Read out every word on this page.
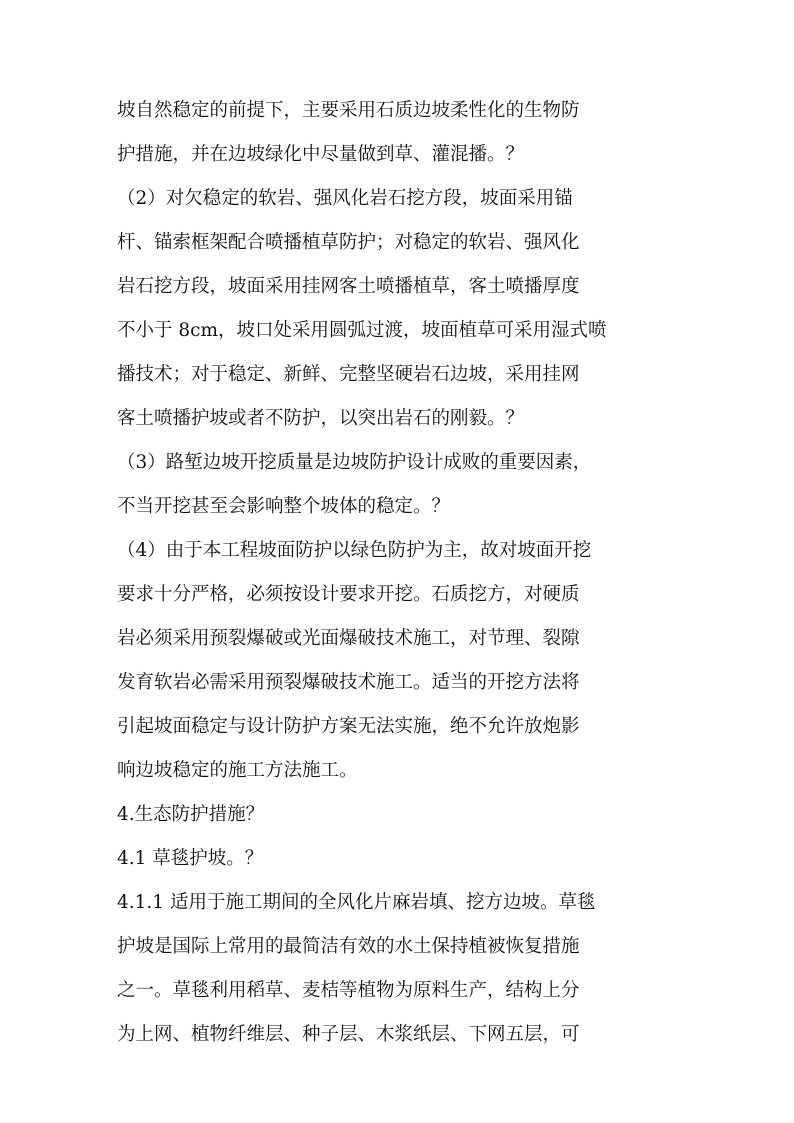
坡自然稳定的前提下，主要采用石质边坡柔性化的生物防
护措施，并在边坡绿化中尽量做到草、灌混播。？
（2）对欠稳定的软岩、强风化岩石挖方段，坡面采用锚
杆、锚索框架配合喷播植草防护；对稳定的软岩、强风化
岩石挖方段，坡面采用挂网客土喷播植草，客土喷播厚度
不小于 8cm，坡口处采用圆弧过渡，坡面植草可采用湿式喷
播技术；对于稳定、新鲜、完整坚硬岩石边坡，采用挂网
客土喷播护坡或者不防护，以突出岩石的刚毅。？
（3）路堑边坡开挖质量是边坡防护设计成败的重要因素，
不当开挖甚至会影响整个坡体的稳定。？
（4）由于本工程坡面防护以绿色防护为主，故对坡面开挖
要求十分严格，必须按设计要求开挖。石质挖方，对硬质
岩必须采用预裂爆破或光面爆破技术施工，对节理、裂隙
发育软岩必需采用预裂爆破技术施工。适当的开挖方法将
引起坡面稳定与设计防护方案无法实施，绝不允许放炮影
响边坡稳定的施工方法施工。
4.生态防护措施？
4.1 草毯护坡。？
4.1.1 适用于施工期间的全风化片麻岩填、挖方边坡。草毯
护坡是国际上常用的最简洁有效的水土保持植被恢复措施
之一。草毯利用稻草、麦桔等植物为原料生产，结构上分
为上网、植物纤维层、种子层、木浆纸层、下网五层，可
